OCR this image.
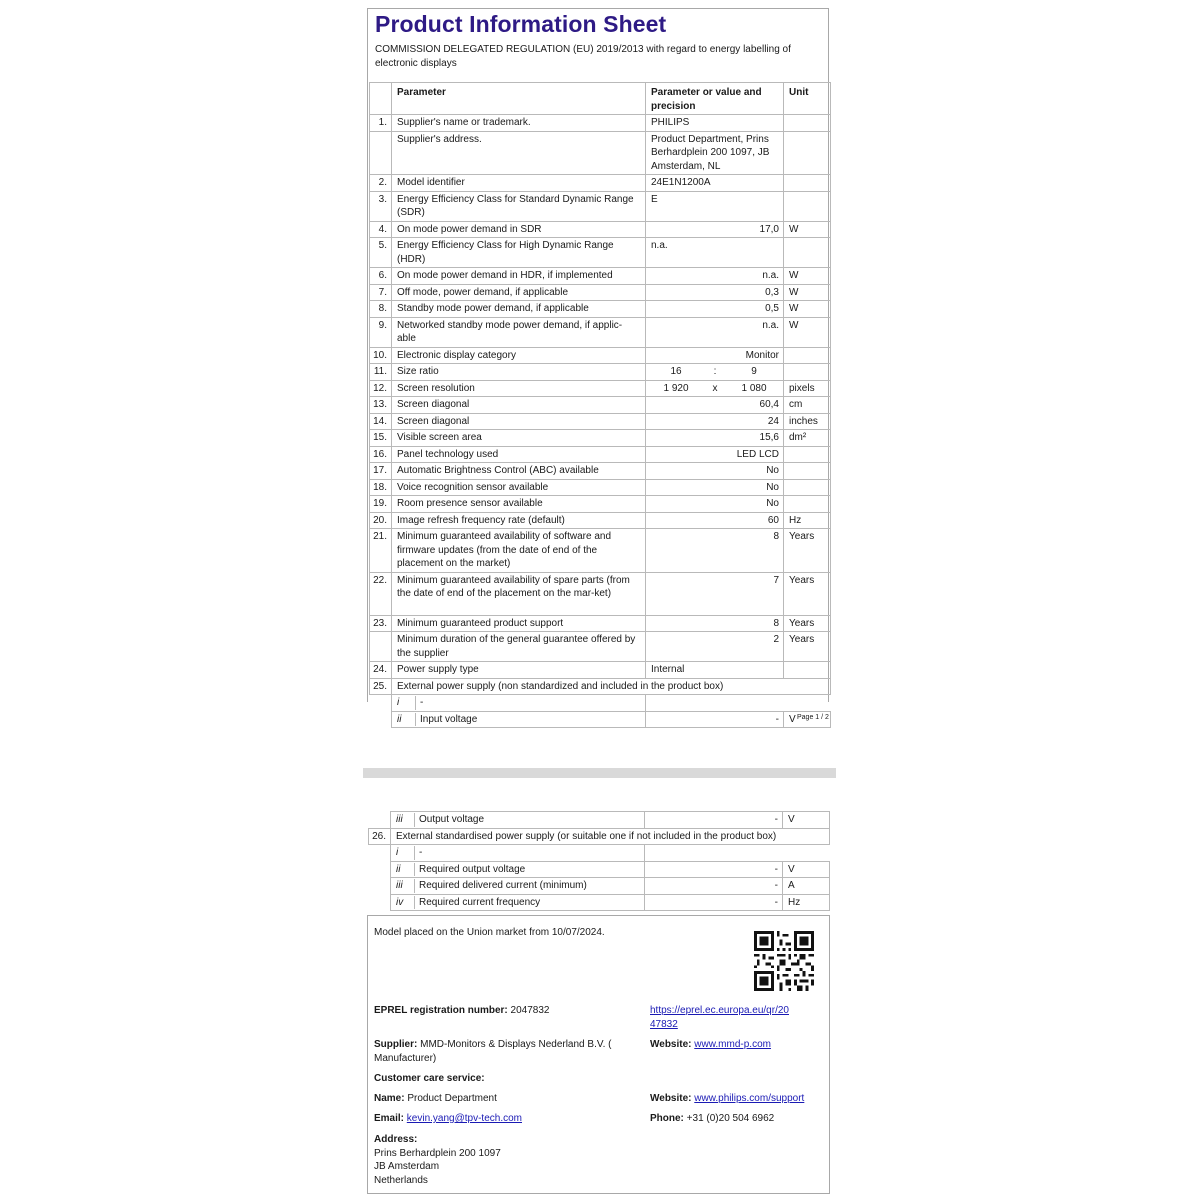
Product Information Sheet
COMMISSION DELEGATED REGULATION (EU) 2019/2013 with regard to energy labelling of electronic displays
	Parameter	Parameter or value and precision	Unit
1.	Supplier's name or trademark.	PHILIPS	
	Supplier's address.	Product Department, Prins Berhardplein 200 1097, JB Amsterdam, NL	
2.	Model identifier	24E1N1200A	
3.	Energy Efficiency Class for Standard Dynamic Range (SDR)	E	
4.	On mode power demand in SDR	17,0	W
5.	Energy Efficiency Class for High Dynamic Range (HDR)	n.a.	
6.	On mode power demand in HDR, if implemented	n.a.	W
7.	Off mode, power demand, if applicable	0,3	W
8.	Standby mode power demand, if applicable	0,5	W
9.	Networked standby mode power demand, if applic-able	n.a.	W
10.	Electronic display category	Monitor	
11.	Size ratio	16 : 9	

12.	Screen resolution	1 920 x 1 080	pixels
13.	Screen diagonal	60,4	cm
14.	Screen diagonal	24	inches
15.	Visible screen area	15,6	dm²
16.	Panel technology used	LED LCD	
17.	Automatic Brightness Control (ABC) available	No	
18.	Voice recognition sensor available	No	
19.	Room presence sensor available	No	
20.	Image refresh frequency rate (default)	60	Hz
21.	Minimum guaranteed availability of software and firmware updates (from the date of end of the placement on the market)	8	Years
22.	Minimum guaranteed availability of spare parts (from the date of end of the placement on the mar-ket)	7	Years
23.	Minimum guaranteed product support	8	Years
	Minimum duration of the general guarantee offered by the supplier	2	Years
24.	Power supply type	Internal	
25.	External power supply (non standardized and included in the product box)		

	i -		

	ii Input voltage	-	V Page 1 / 2

	iii Output voltage	-	V
26.	External standardised power supply (or suitable one if not included in the product box)		

	i -		

	ii Required output voltage	-	V

	iii Required delivered current (minimum)	-	A

	iv Required current frequency	-	Hz
Model placed on the Union market from 10/07/2024.
EPREL registration number: 2047832	https://eprel.ec.europa.eu/qr/20
47832
Supplier: MMD-Monitors & Displays Nederland B.V. (
Manufacturer)
Website: www.mmd-p.com
Customer care service:
Name: Product Department	Website: www.philips.com/support
Email: kevin.yang@tpv-tech.com	Phone: +31 (0)20 504 6962
Address:
Prins Berhardplein 200 1097
JB Amsterdam
Netherlands
